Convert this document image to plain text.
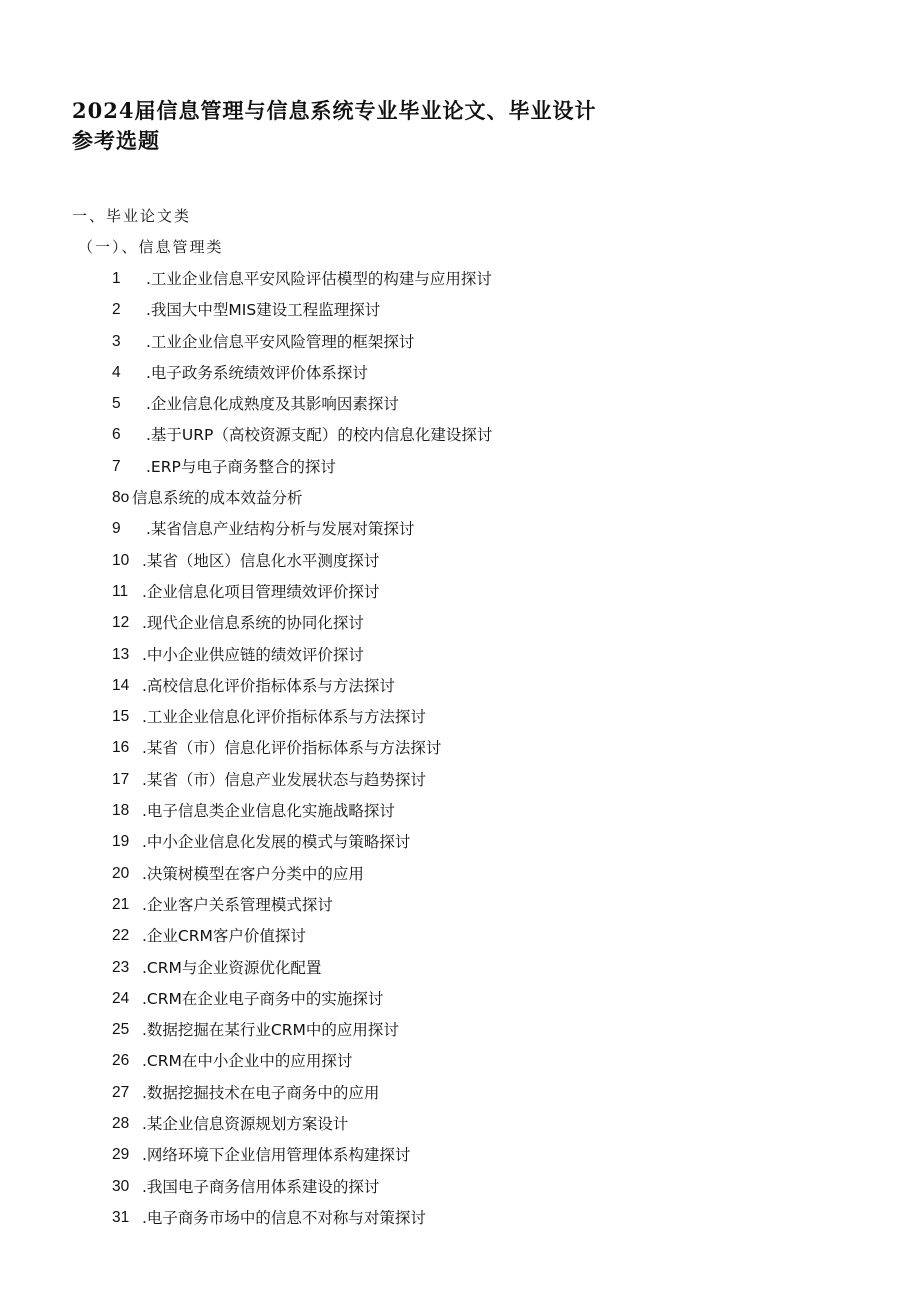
2024届信息管理与信息系统专业毕业论文、毕业设计参考选题

一、毕业论文类

（一）、信息管理类

1	.工业企业信息平安风险评估模型的构建与应用探讨
2	.我国大中型MIS建设工程监理探讨
3	.工业企业信息平安风险管理的框架探讨
4	.电子政务系统绩效评价体系探讨
5	.企业信息化成熟度及其影响因素探讨
6	.基于URP（高校资源支配）的校内信息化建设探讨
7	.ERP与电子商务整合的探讨
8o 信息系统的成本效益分析
9	.某省信息产业结构分析与发展对策探讨
10 .某省（地区）信息化水平测度探讨
11 .企业信息化项目管理绩效评价探讨
12 .现代企业信息系统的协同化探讨
13 .中小企业供应链的绩效评价探讨
14 .高校信息化评价指标体系与方法探讨
15 .工业企业信息化评价指标体系与方法探讨
16 .某省（市）信息化评价指标体系与方法探讨
17 .某省（市）信息产业发展状态与趋势探讨
18 .电子信息类企业信息化实施战略探讨
19 .中小企业信息化发展的模式与策略探讨
20 .决策树模型在客户分类中的应用
21 .企业客户关系管理模式探讨
22 .企业CRM客户价值探讨
23 .CRM与企业资源优化配置
24 .CRM在企业电子商务中的实施探讨
25 .数据挖掘在某行业CRM中的应用探讨
26 .CRM在中小企业中的应用探讨
27 .数据挖掘技术在电子商务中的应用
28 .某企业信息资源规划方案设计
29 .网络环境下企业信用管理体系构建探讨
30 .我国电子商务信用体系建设的探讨
31 .电子商务市场中的信息不对称与对策探讨
